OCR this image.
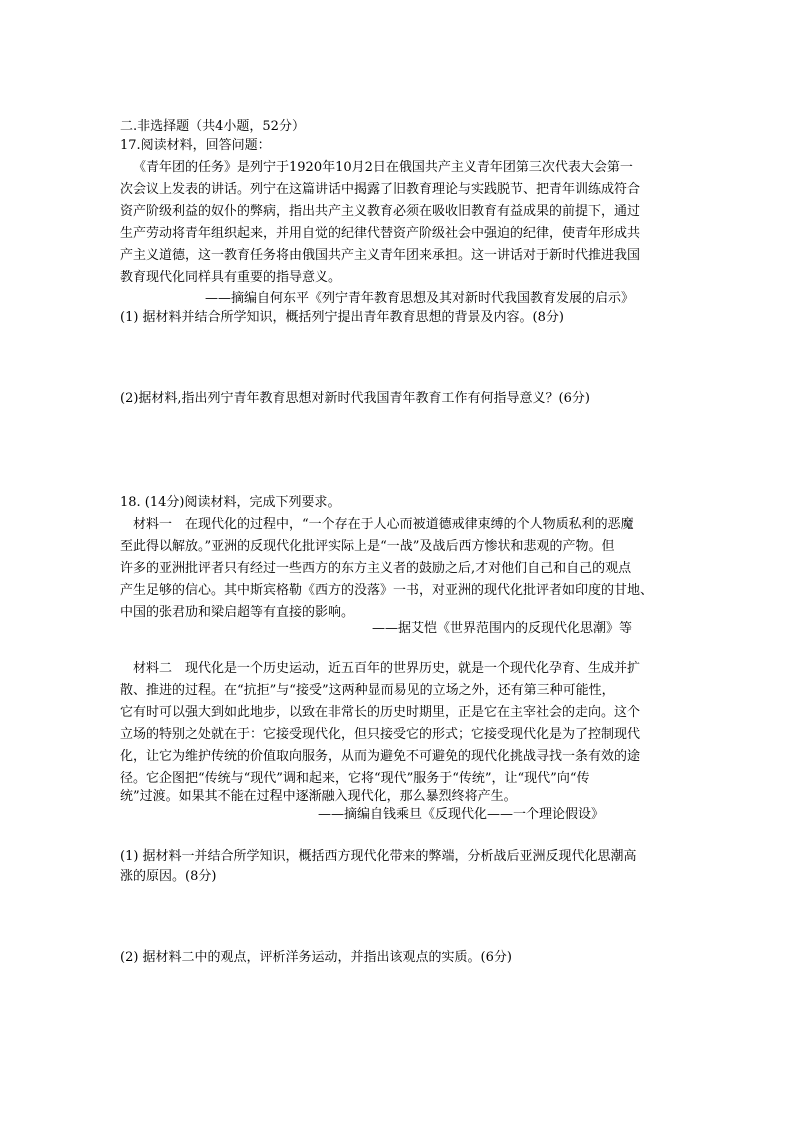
二.非选择题（共4小题，52分）
17.阅读材料，回答问题：
《青年团的任务》是列宁于1920年10月2日在俄国共产主义青年团第三次代表大会第一
次会议上发表的讲话。列宁在这篇讲话中揭露了旧教育理论与实践脱节、把青年训练成符合
资产阶级利益的奴仆的弊病，指出共产主义教育必须在吸收旧教育有益成果的前提下，通过
生产劳动将青年组织起来，并用自觉的纪律代替资产阶级社会中强迫的纪律，使青年形成共
产主义道德，这一教育任务将由俄国共产主义青年团来承担。这一讲话对于新时代推进我国
教育现代化同样具有重要的指导意义。
——摘编自何东平《列宁青年教育思想及其对新时代我国教育发展的启示》
(1) 据材料并结合所学知识，概括列宁提出青年教育思想的背景及内容。(8分)
(2)据材料,指出列宁青年教育思想对新时代我国青年教育工作有何指导意义？(6分)
18. (14分)阅读材料，完成下列要求。
材料一　在现代化的过程中，“一个存在于人心而被道德戒律束缚的个人物质私利的恶魔
至此得以解放。”亚洲的反现代化批评实际上是“一战”及战后西方惨状和悲观的产物。但
许多的亚洲批评者只有经过一些西方的东方主义者的鼓励之后,才对他们自己和自己的观点
产生足够的信心。其中斯宾格勒《西方的没落》一书，对亚洲的现代化批评者如印度的甘地、
中国的张君劢和梁启超等有直接的影响。
——据艾恺《世界范围内的反现代化思潮》等
材料二　现代化是一个历史运动，近五百年的世界历史，就是一个现代化孕育、生成并扩
散、推进的过程。在“抗拒”与“接受”这两种显而易见的立场之外，还有第三种可能性，
它有时可以强大到如此地步，以致在非常长的历史时期里，正是它在主宰社会的走向。这个
立场的特别之处就在于：它接受现代化，但只接受它的形式；它接受现代化是为了控制现代
化，让它为维护传统的价值取向服务，从而为避免不可避免的现代化挑战寻找一条有效的途
径。它企图把“传统与“现代”调和起来，它将“现代”服务于“传统”，让“现代”向“传
统”过渡。如果其不能在过程中逐渐融入现代化，那么暴烈终将产生。
——摘编自钱乘旦《反现代化——一个理论假设》
(1) 据材料一并结合所学知识，概括西方现代化带来的弊端，分析战后亚洲反现代化思潮高
涨的原因。(8分)
(2) 据材料二中的观点，评析洋务运动，并指出该观点的实质。(6分)
